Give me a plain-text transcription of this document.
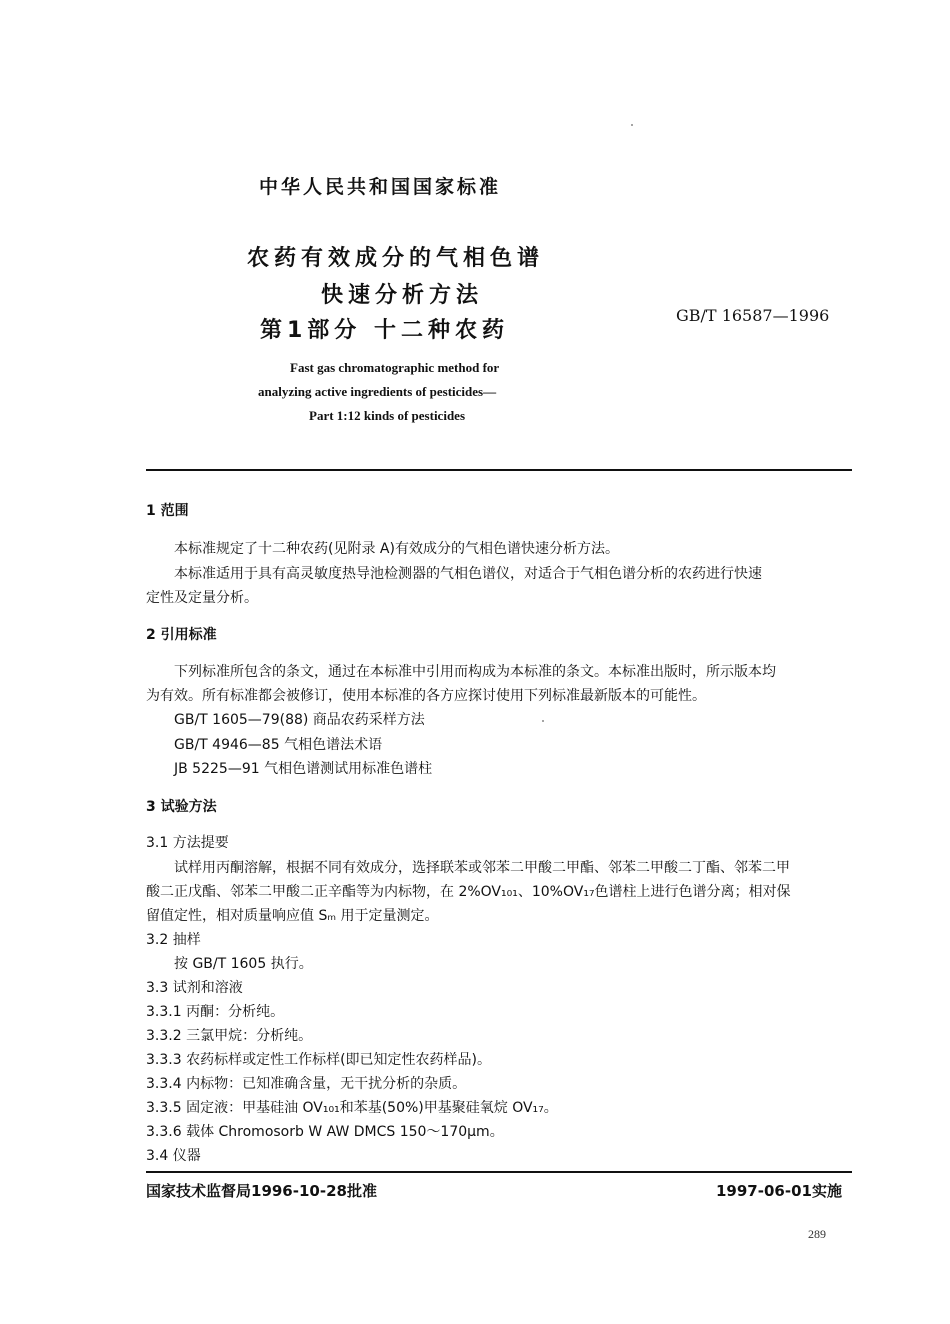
中华人民共和国国家标准
农药有效成分的气相色谱
快速分析方法
第1部分 十二种农药
GB/T 16587—1996
Fast gas chromatographic method for
analyzing active ingredients of pesticides—
Part 1:12 kinds of pesticides
1 范围
本标准规定了十二种农药(见附录 A)有效成分的气相色谱快速分析方法。
本标准适用于具有高灵敏度热导池检测器的气相色谱仪，对适合于气相色谱分析的农药进行快速
定性及定量分析。
2 引用标准
下列标准所包含的条文，通过在本标准中引用而构成为本标准的条文。本标准出版时，所示版本均
为有效。所有标准都会被修订，使用本标准的各方应探讨使用下列标准最新版本的可能性。
GB/T 1605—79(88) 商品农药采样方法
GB/T 4946—85 气相色谱法术语
JB 5225—91 气相色谱测试用标准色谱柱
3 试验方法
3.1 方法提要
试样用丙酮溶解，根据不同有效成分，选择联苯或邻苯二甲酸二甲酯、邻苯二甲酸二丁酯、邻苯二甲
酸二正戊酯、邻苯二甲酸二正辛酯等为内标物，在 2%OV₁₀₁、10%OV₁₇色谱柱上进行色谱分离；相对保
留值定性，相对质量响应值 Sₘ 用于定量测定。
3.2 抽样
按 GB/T 1605 执行。
3.3 试剂和溶液
3.3.1 丙酮：分析纯。
3.3.2 三氯甲烷：分析纯。
3.3.3 农药标样或定性工作标样(即已知定性农药样品)。
3.3.4 内标物：已知准确含量，无干扰分析的杂质。
3.3.5 固定液：甲基硅油 OV₁₀₁和苯基(50%)甲基聚硅氧烷 OV₁₇。
3.3.6 载体 Chromosorb W AW DMCS 150～170μm。
3.4 仪器
国家技术监督局1996-10-28批准	1997-06-01实施
289
